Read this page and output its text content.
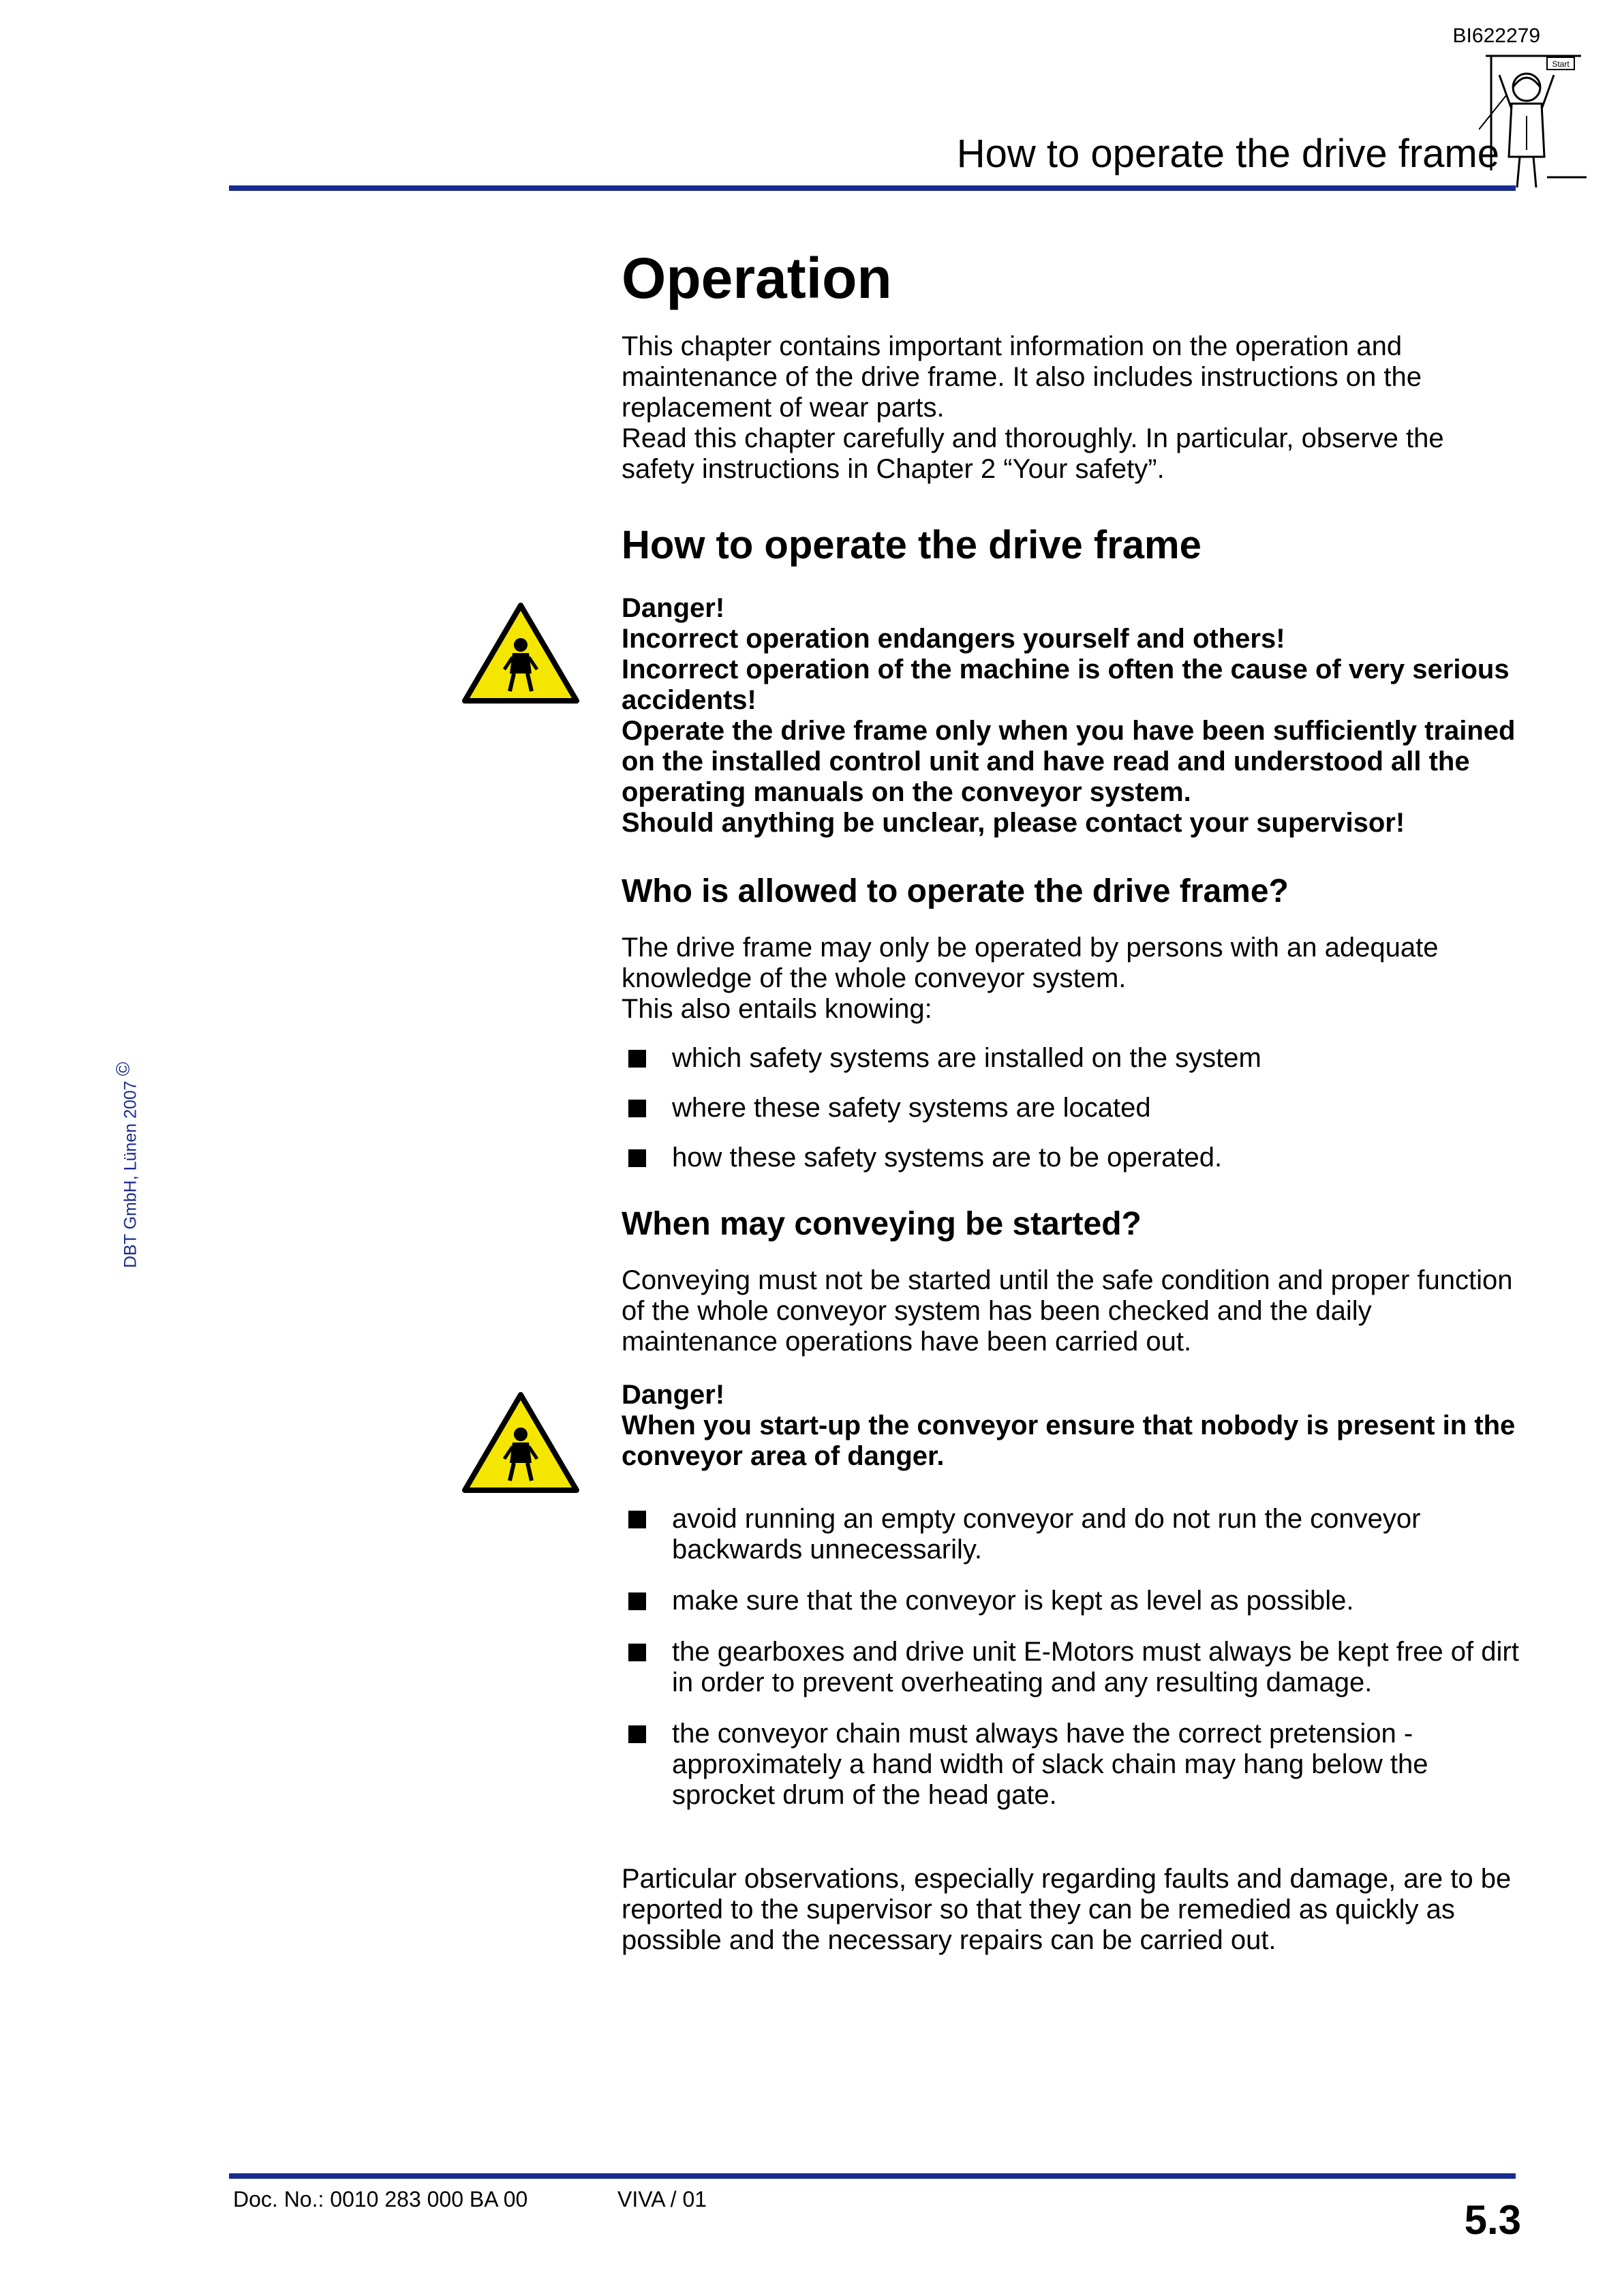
BI622279
How to operate the drive frame
Start
DBT GmbH, Lünen 2007 ©
Operation

This chapter contains important information on the operation and maintenance of the drive frame. It also includes instructions on the replacement of wear parts.

Read this chapter carefully and thoroughly. In particular, observe the safety instructions in Chapter 2 “Your safety”.

How to operate the drive frame

Danger!

Incorrect operation endangers yourself and others!

Incorrect operation of the machine is often the cause of very serious accidents!

Operate the drive frame only when you have been sufficiently trained on the installed control unit and have read and understood all the operating manuals on the conveyor system.

Should anything be unclear, please contact your supervisor!

Who is allowed to operate the drive frame?

The drive frame may only be operated by persons with an adequate knowledge of the whole conveyor system.

This also entails knowing:

which safety systems are installed on the system
where these safety systems are located
how these safety systems are to be operated.
When may conveying be started?

Conveying must not be started until the safe condition and proper function of the whole conveyor system has been checked and the daily maintenance operations have been carried out.

Danger!

When you start-up the conveyor ensure that nobody is present in the conveyor area of danger.

avoid running an empty conveyor and do not run the conveyor backwards unnecessarily.
make sure that the conveyor is kept as level as possible.
the gearboxes and drive unit E-Motors must always be kept free of dirt in order to prevent overheating and any resulting damage.
the conveyor chain must always have the correct pretension - approximately a hand width of slack chain may hang below the sprocket drum of the head gate.

Particular observations, especially regarding faults and damage, are to be reported to the supervisor so that they can be remedied as quickly as possible and the necessary repairs can be carried out.

Doc. No.: 0010 283 000 BA 00	VIVA / 01	5.3
